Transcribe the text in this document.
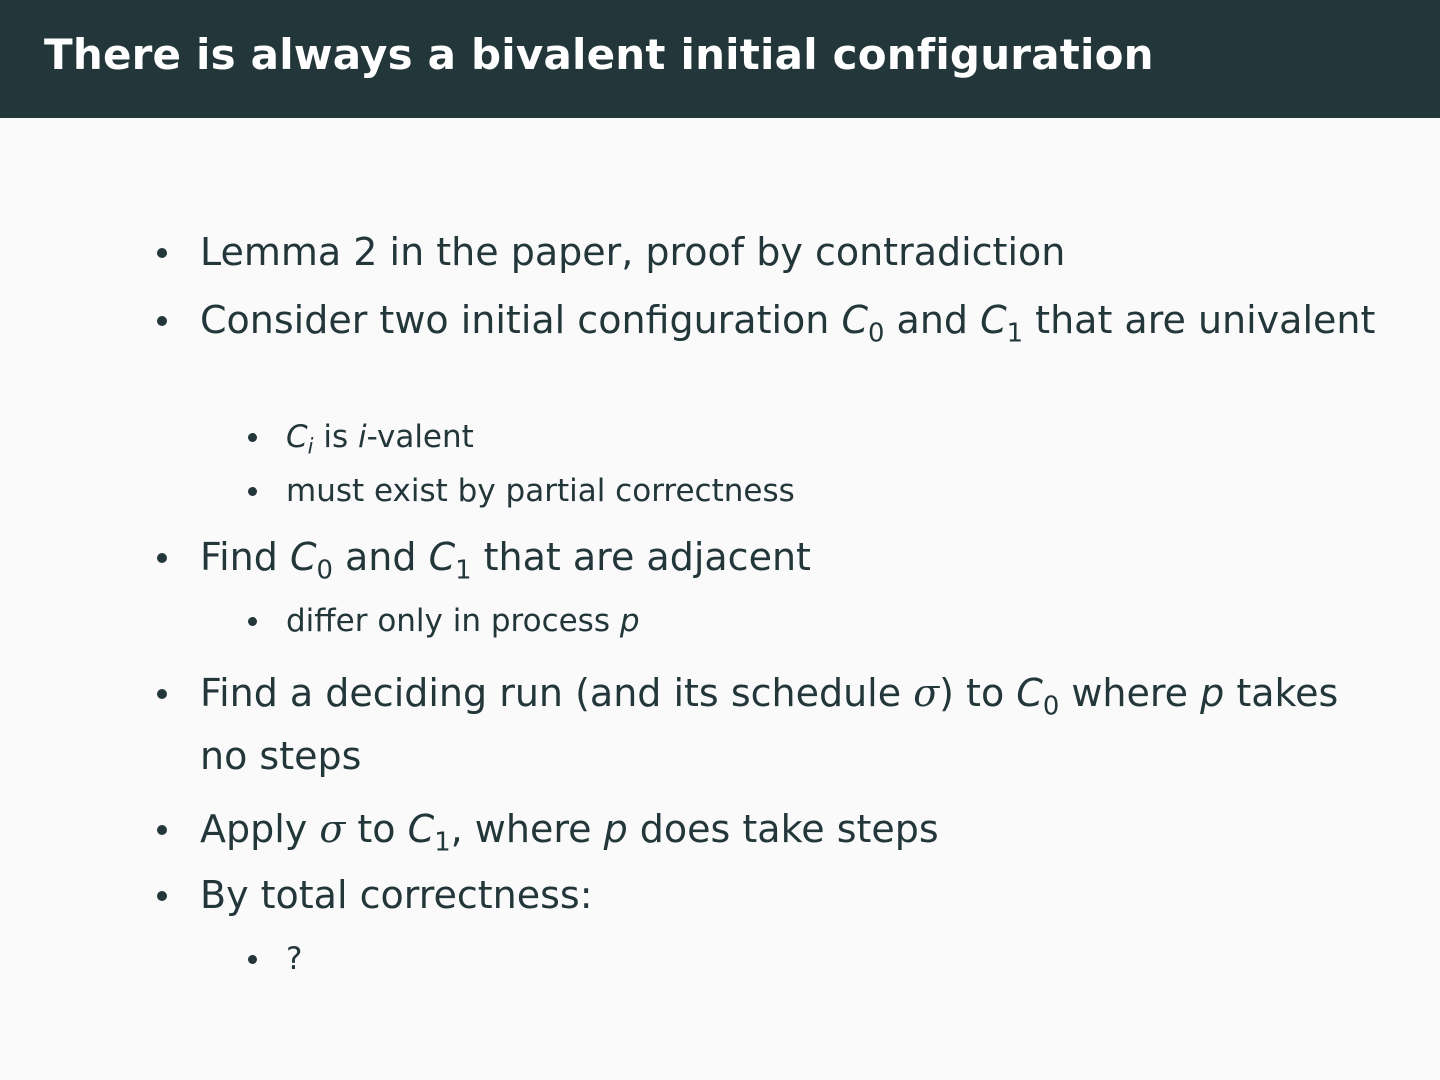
There is always a bivalent initial configuration
Lemma 2 in the paper, proof by contradiction
Consider two initial configuration $C_0$ and $C_1$ that are univalent
$C_i$ is i-valent
must exist by partial correctness
Find $C_0$ and $C_1$ that are adjacent
differ only in process p
Find a deciding run (and its schedule σ) to $C_0$ where p takes
no steps
Apply σ to $C_1$, where p does take steps
By total correctness:
?
